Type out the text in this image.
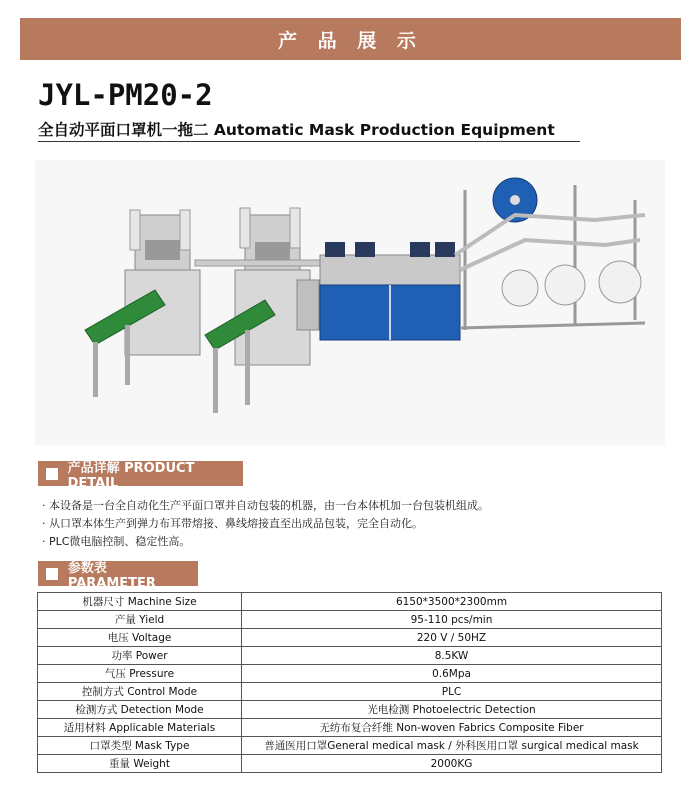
产 品 展 示
JYL-PM20-2
全自动平面口罩机一拖二 Automatic Mask Production Equipment
产品详解 PRODUCT DETAIL
· 本设备是一台全自动化生产平面口罩并自动包装的机器，由一台本体机加一台包装机组成。
· 从口罩本体生产到弹力布耳带熔接、鼻线熔接直至出成品包装，完全自动化。
· PLC微电脑控制、稳定性高。
参数表 PARAMETER
机器尺寸 Machine Size	6150*3500*2300mm
产量 Yield	95-110 pcs/min
电压 Voltage	220 V / 50HZ
功率 Power	8.5KW
气压 Pressure	0.6Mpa
控制方式 Control Mode	PLC
检测方式 Detection Mode	光电检测 Photoelectric Detection
适用材料 Applicable Materials	无纺布复合纤维 Non-woven Fabrics Composite Fiber
口罩类型 Mask Type	普通医用口罩General medical mask / 外科医用口罩 surgical medical mask
重量 Weight	2000KG
